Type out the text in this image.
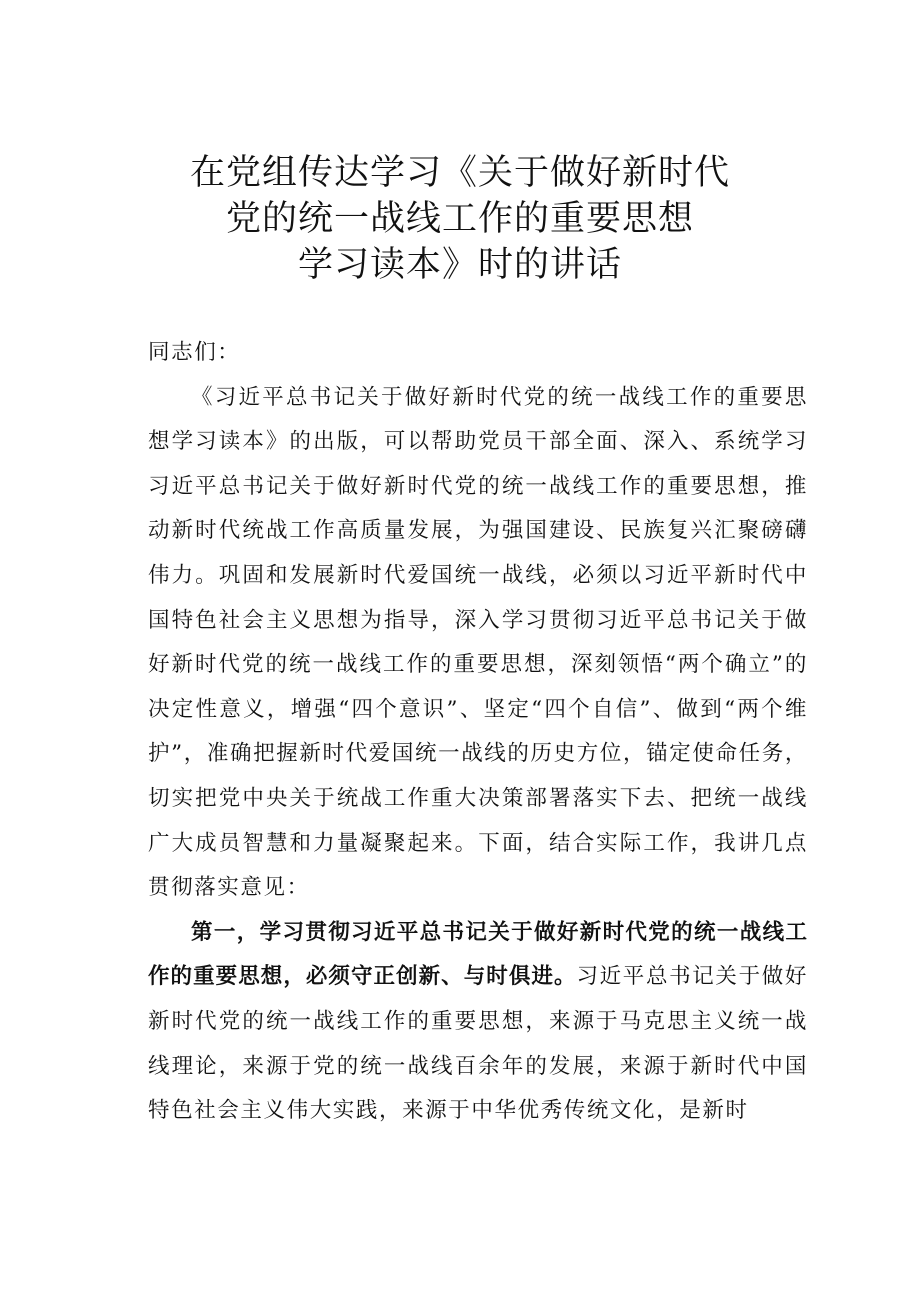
在党组传达学习《关于做好新时代
党的统一战线工作的重要思想
学习读本》时的讲话

同志们：

《习近平总书记关于做好新时代党的统一战线工作的重要思想学习读本》的出版，可以帮助党员干部全面、深入、系统学习习近平总书记关于做好新时代党的统一战线工作的重要思想，推动新时代统战工作高质量发展，为强国建设、民族复兴汇聚磅礴伟力。巩固和发展新时代爱国统一战线，必须以习近平新时代中国特色社会主义思想为指导，深入学习贯彻习近平总书记关于做好新时代党的统一战线工作的重要思想，深刻领悟“两个确立”的决定性意义，增强“四个意识”、坚定“四个自信”、做到“两个维护”，准确把握新时代爱国统一战线的历史方位，锚定使命任务，切实把党中央关于统战工作重大决策部署落实下去、把统一战线广大成员智慧和力量凝聚起来。下面，结合实际工作，我讲几点贯彻落实意见：

第一，学习贯彻习近平总书记关于做好新时代党的统一战线工作的重要思想，必须守正创新、与时俱进。习近平总书记关于做好新时代党的统一战线工作的重要思想，来源于马克思主义统一战线理论，来源于党的统一战线百余年的发展，来源于新时代中国特色社会主义伟大实践，来源于中华优秀传统文化，是新时
